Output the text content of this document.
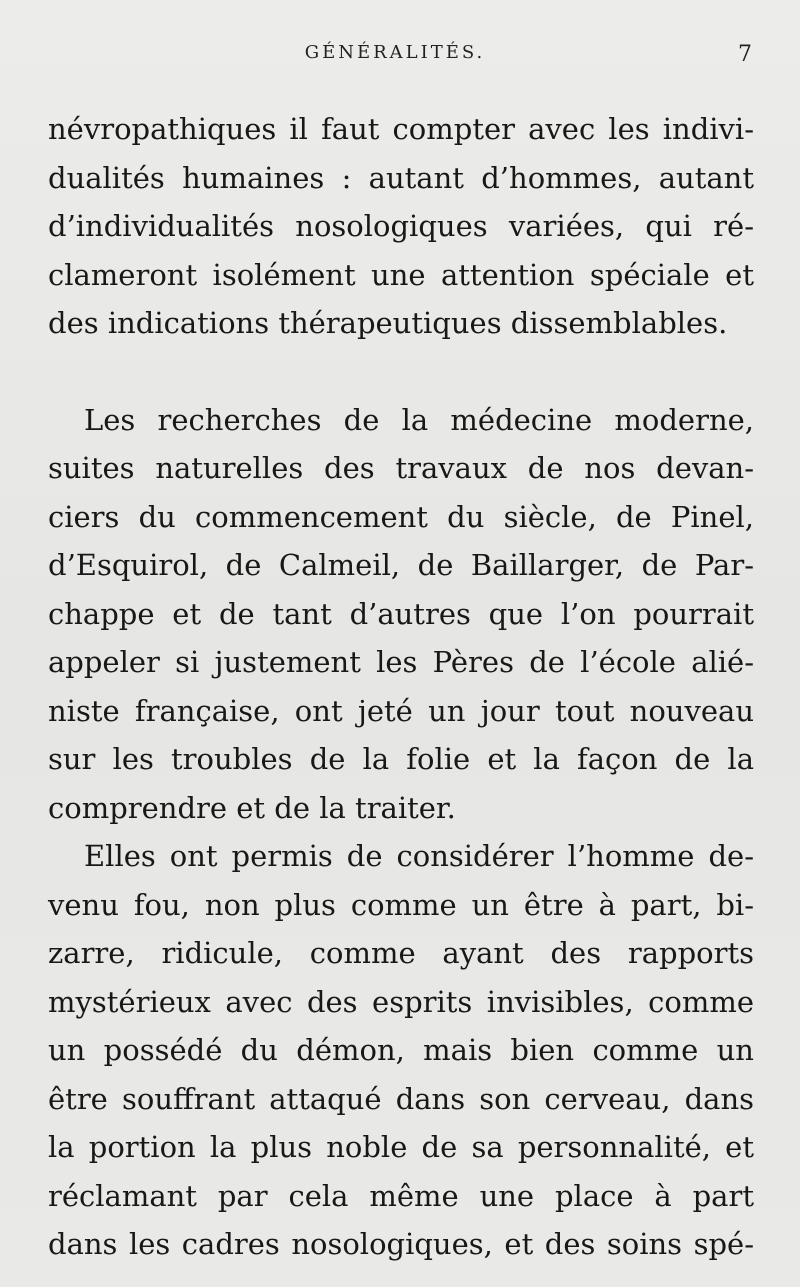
GÉNÉRALITÉS.	7
névropathiques il faut compter avec les indivi-
dualités humaines : autant d’hommes, autant
d’individualités nosologiques variées, qui ré-
clameront isolément une attention spéciale et
des indications thérapeutiques dissemblables.
Les recherches de la médecine moderne,
suites naturelles des travaux de nos devan-
ciers du commencement du siècle, de Pinel,
d’Esquirol, de Calmeil, de Baillarger, de Par-
chappe et de tant d’autres que l’on pourrait
appeler si justement les Pères de l’école alié-
niste française, ont jeté un jour tout nouveau
sur les troubles de la folie et la façon de la
comprendre et de la traiter.
Elles ont permis de considérer l’homme de-
venu fou, non plus comme un être à part, bi-
zarre, ridicule, comme ayant des rapports
mystérieux avec des esprits invisibles, comme
un possédé du démon, mais bien comme un
être souffrant attaqué dans son cerveau, dans
la portion la plus noble de sa personnalité, et
réclamant par cela même une place à part
dans les cadres nosologiques, et des soins spé-
